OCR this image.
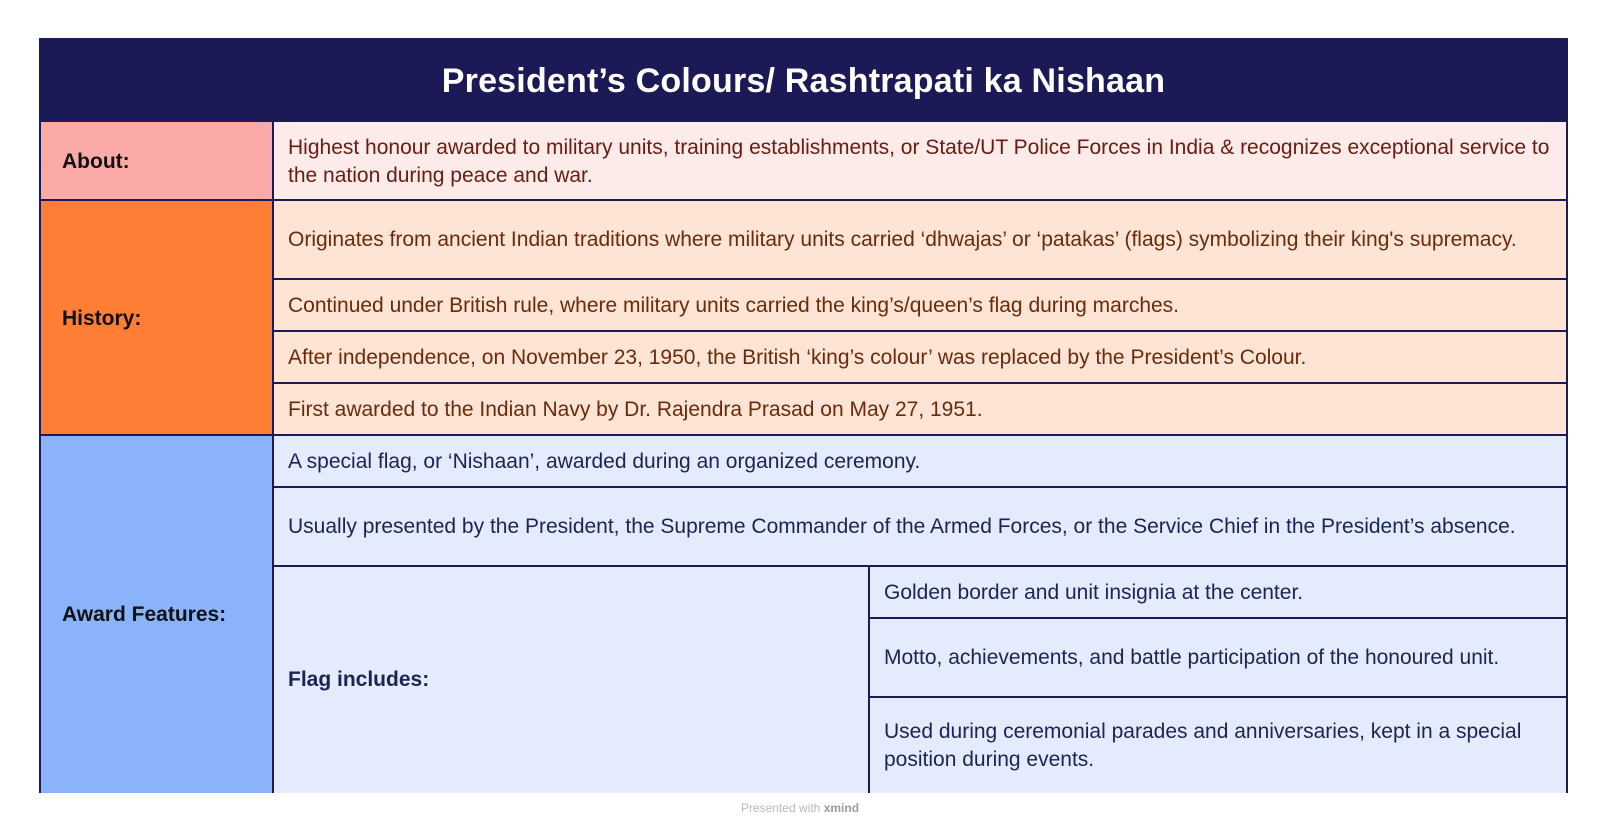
President’s Colours/ Rashtrapati ka Nishaan
About:
Highest honour awarded to military units, training establishments, or State/UT Police Forces in India & recognizes exceptional service to the nation during peace and war.
History:
Originates from ancient Indian traditions where military units carried ‘dhwajas’ or ‘patakas’ (flags) symbolizing their king's supremacy.
Continued under British rule, where military units carried the king’s/queen’s flag during marches.
After independence, on November 23, 1950, the British ‘king’s colour’ was replaced by the President’s Colour.
First awarded to the Indian Navy by Dr. Rajendra Prasad on May 27, 1951.
Award Features:
A special flag, or ‘Nishaan’, awarded during an organized ceremony.
Usually presented by the President, the Supreme Commander of the Armed Forces, or the Service Chief in the President’s absence.
Flag includes:
Golden border and unit insignia at the center.
Motto, achievements, and battle participation of the honoured unit.
Used during ceremonial parades and anniversaries, kept in a special position during events.
Presented with xmind
